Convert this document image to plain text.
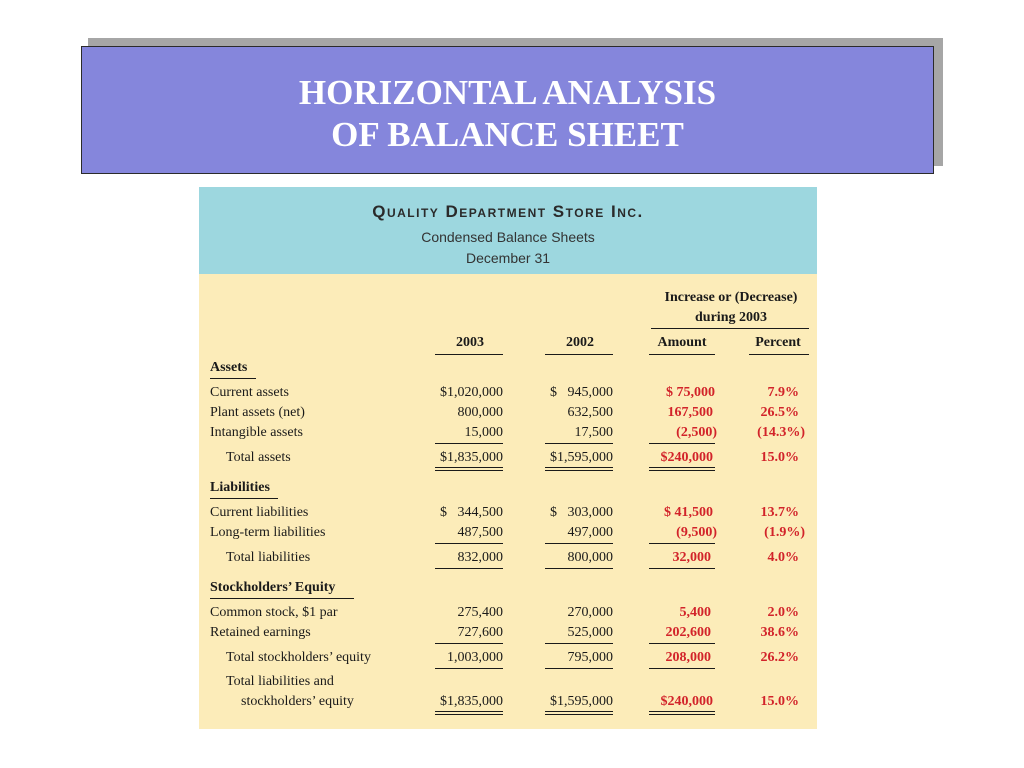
HORIZONTAL ANALYSIS
OF BALANCE SHEET
Quality Department Store Inc.
Condensed Balance Sheets
December 31
Increase or (Decrease)
during 2003
2003	2002	Amount	Percent
Assets
Current assets	$1,020,000	$   945,000	$ 75,000	7.9%
Plant assets (net)	800,000	632,500	167,500	26.5%
Intangible assets	15,000	17,500	(2,500)	(14.3%)
Total assets	$1,835,000	$1,595,000	$240,000	15.0%
Liabilities
Current liabilities	$   344,500	$   303,000	$ 41,500	13.7%
Long-term liabilities	487,500	497,000	(9,500)	(1.9%)
Total liabilities	832,000	800,000	32,000	4.0%
Stockholders’ Equity
Common stock, $1 par	275,400	270,000	5,400	2.0%
Retained earnings	727,600	525,000	202,600	38.6%
Total stockholders’ equity	1,003,000	795,000	208,000	26.2%
Total liabilities and
stockholders’ equity	$1,835,000	$1,595,000	$240,000	15.0%
